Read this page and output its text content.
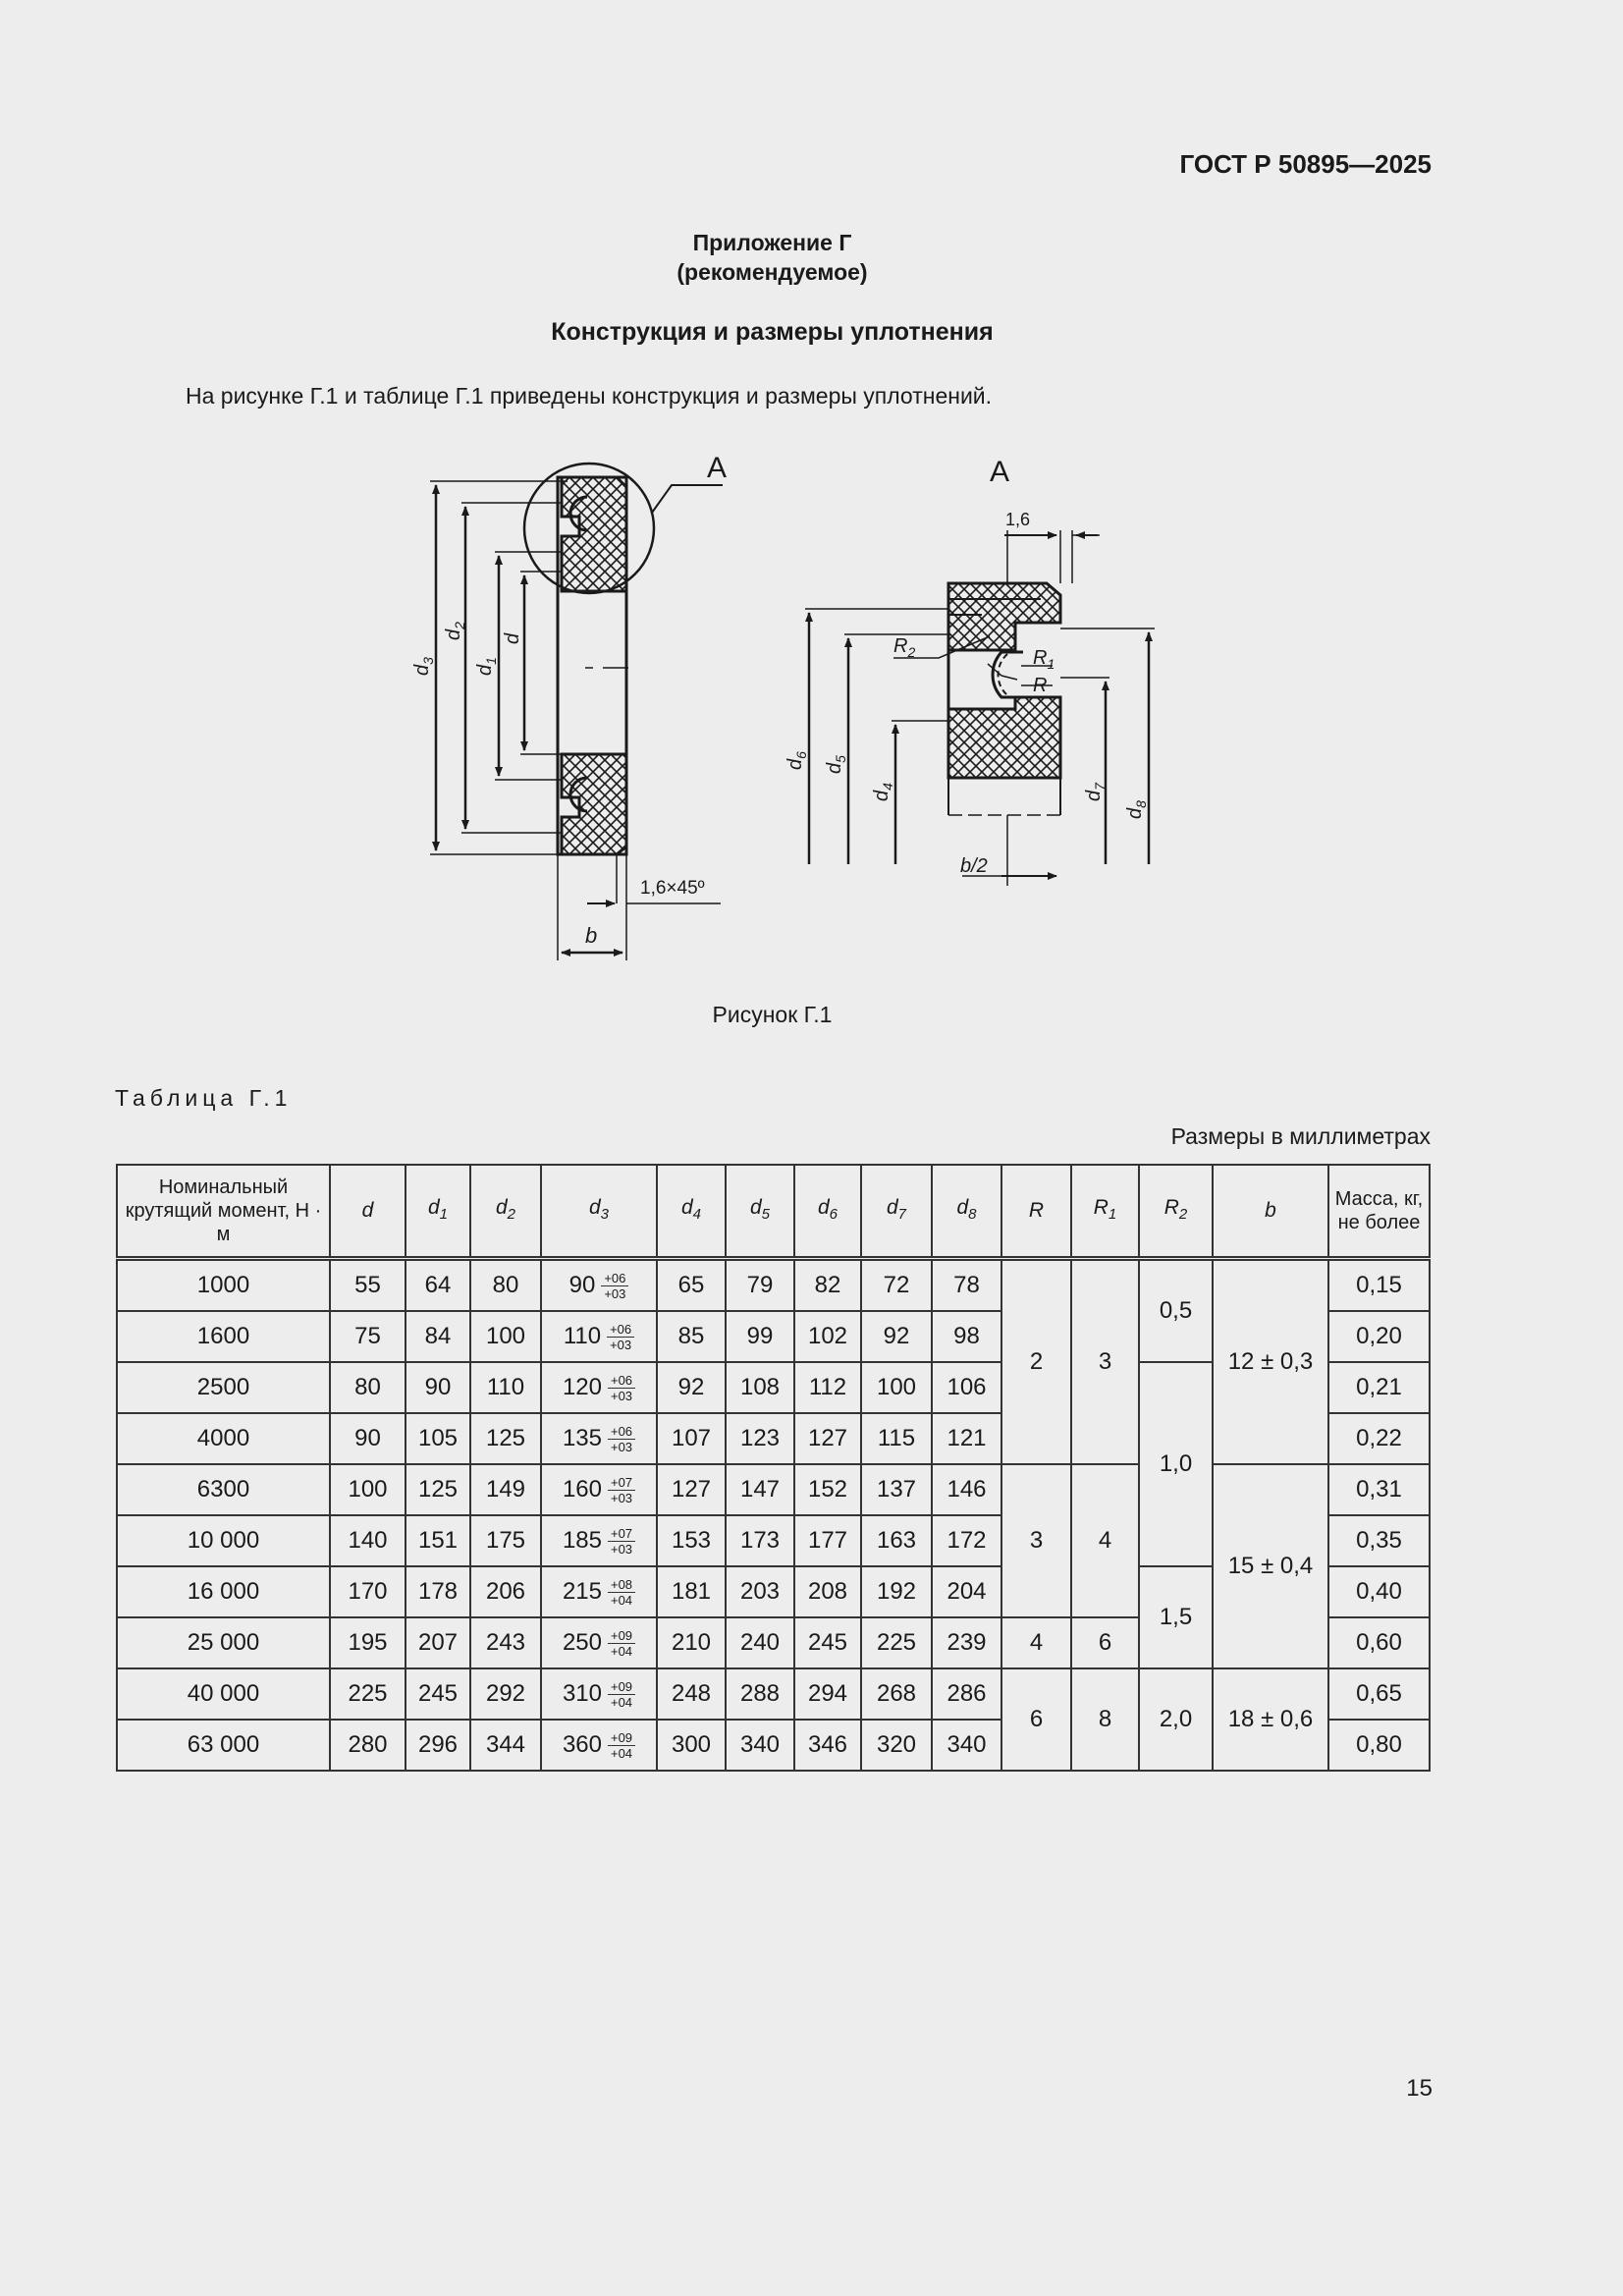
ГОСТ Р 50895—2025
Приложение Г
(рекомендуемое)
Конструкция и размеры уплотнения
На рисунке Г.1 и таблице Г.1 приведены конструкция и размеры уплотнений.
А
$d_3$
$d_2$
$d_1$
d
b
1,6×45º
А
1,6
$R_2$	$R_1$
R
$d_6$
$d_5$
$d_4$
$d_7$
$d_8$
b/2
Рисунок Г.1
Таблица Г.1
Размеры в миллиметрах
Номинальный крутящий момент, Н · м	d	$d_1$	$d_2$	$d_3$	$d_4$	$d_5$	$d_6$	$d_7$	$d_8$	R	$R_1$	$R_2$	b	Масса, кг, не более
1000	55	64	80	$90 \frac{+06}{+03}$	65	79	82	72	78	2	3	0,5	12 ± 0,3	0,15
1600	75	84	100	$110 \frac{+06}{+03}$	85	99	102	92	98					0,20
2500	80	90	110	$120 \frac{+06}{+03}$	92	108	112	100	106			1,0		0,21
4000	90	105	125	$135 \frac{+06}{+03}$	107	123	127	115	121					0,22
6300	100	125	149	$160 \frac{+07}{+03}$	127	147	152	137	146	3	4		15 ± 0,4	0,31
10 000	140	151	175	$185 \frac{+07}{+03}$	153	173	177	163	172					0,35
16 000	170	178	206	$215 \frac{+08}{+04}$	181	203	208	192	204			1,5		0,40
25 000	195	207	243	$250 \frac{+09}{+04}$	210	240	245	225	239	4	6			0,60
40 000	225	245	292	$310 \frac{+09}{+04}$	248	288	294	268	286	6	8	2,0	18 ± 0,6	0,65
63 000	280	296	344	$360 \frac{+09}{+04}$	300	340	346	320	340					0,80
15
